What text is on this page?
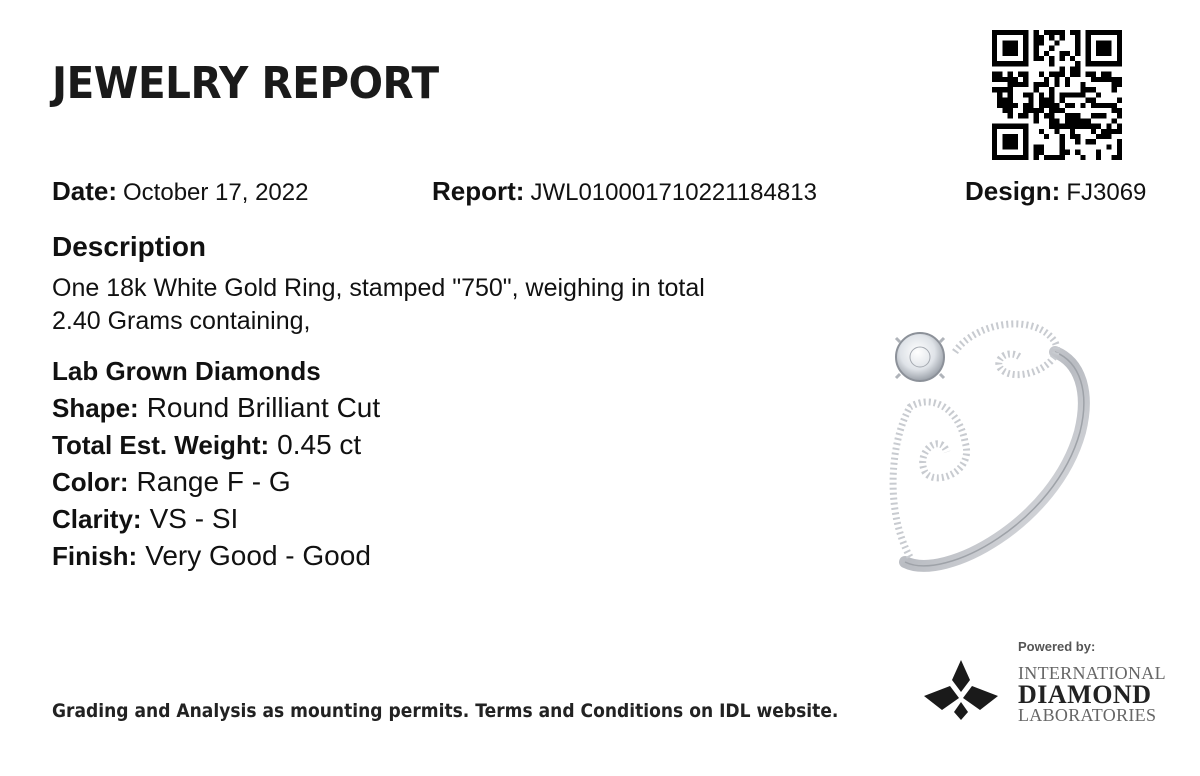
JEWELRY REPORT
Date: October 17, 2022	Report: JWL010001710221184813	Design: FJ3069
Description
One 18k White Gold Ring, stamped "750", weighing in total
2.40 Grams containing,
Lab Grown Diamonds
Shape: Round Brilliant Cut
Total Est. Weight: 0.45 ct
Color: Range F - G
Clarity: VS - SI
Finish: Very Good - Good
Grading and Analysis as mounting permits. Terms and Conditions on IDL website.
Powered by:
INTERNATIONAL
DIAMOND
LABORATORIES
